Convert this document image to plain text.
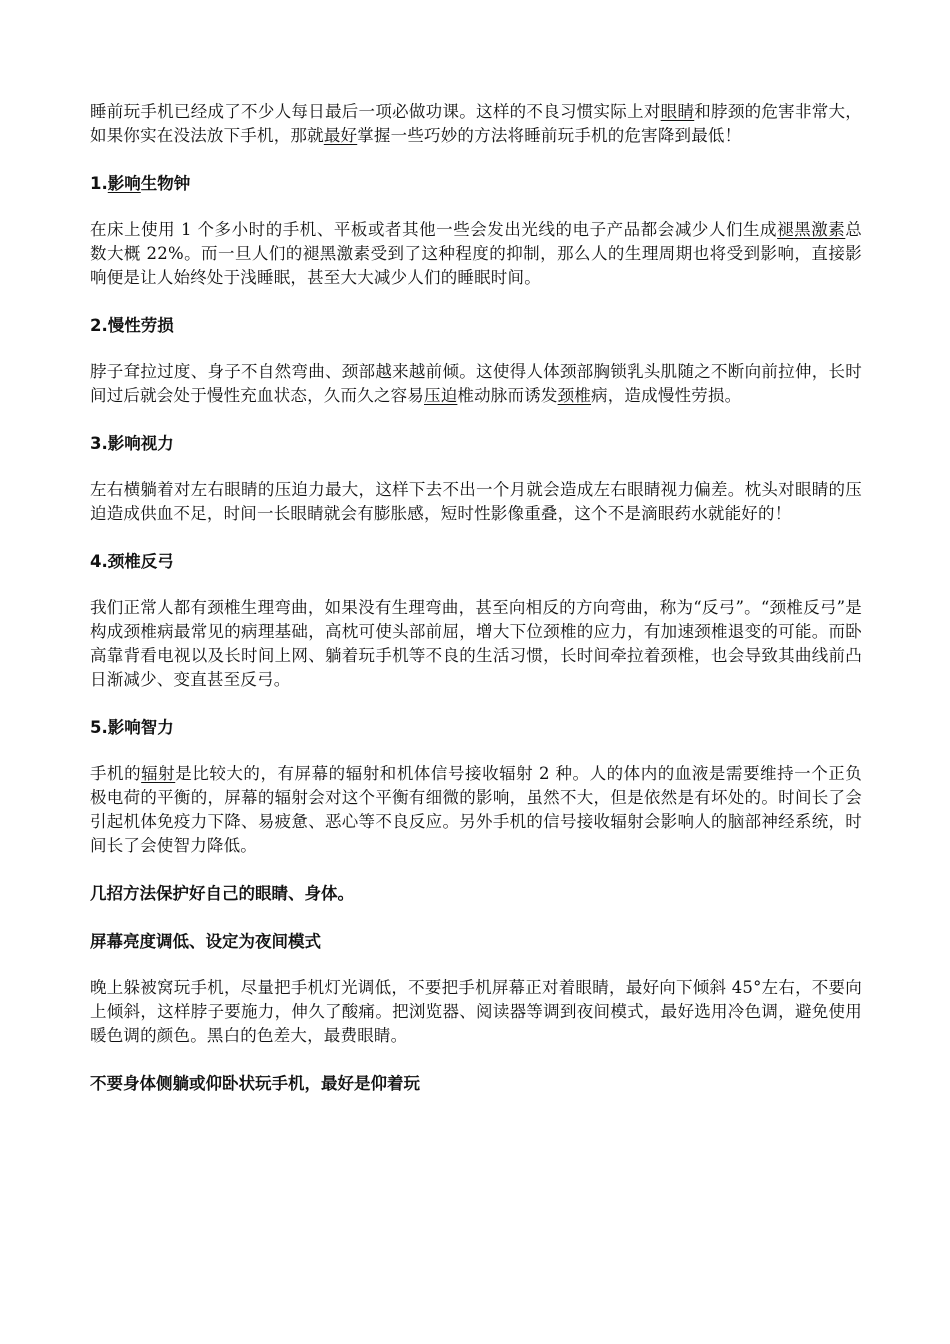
睡前玩手机已经成了不少人每日最后一项必做功课。这样的不良习惯实际上对眼睛和脖颈的危害非常大，如果你实在没法放下手机，那就最好掌握一些巧妙的方法将睡前玩手机的危害降到最低！

1.影响生物钟

在床上使用 1 个多小时的手机、平板或者其他一些会发出光线的电子产品都会减少人们生成褪黑激素总数大概 22%。而一旦人们的褪黑激素受到了这种程度的抑制，那么人的生理周期也将受到影响，直接影响便是让人始终处于浅睡眠，甚至大大减少人们的睡眠时间。

2.慢性劳损

脖子耷拉过度、身子不自然弯曲、颈部越来越前倾。这使得人体颈部胸锁乳头肌随之不断向前拉伸，长时间过后就会处于慢性充血状态，久而久之容易压迫椎动脉而诱发颈椎病，造成慢性劳损。

3.影响视力

左右横躺着对左右眼睛的压迫力最大，这样下去不出一个月就会造成左右眼睛视力偏差。枕头对眼睛的压迫造成供血不足，时间一长眼睛就会有膨胀感，短时性影像重叠，这个不是滴眼药水就能好的！

4.颈椎反弓

我们正常人都有颈椎生理弯曲，如果没有生理弯曲，甚至向相反的方向弯曲，称为“反弓”。“颈椎反弓”是构成颈椎病最常见的病理基础，高枕可使头部前屈，增大下位颈椎的应力，有加速颈椎退变的可能。而卧高靠背看电视以及长时间上网、躺着玩手机等不良的生活习惯，长时间牵拉着颈椎，也会导致其曲线前凸日渐减少、变直甚至反弓。

5.影响智力

手机的辐射是比较大的，有屏幕的辐射和机体信号接收辐射 2 种。人的体内的血液是需要维持一个正负极电荷的平衡的，屏幕的辐射会对这个平衡有细微的影响，虽然不大，但是依然是有坏处的。时间长了会引起机体免疫力下降、易疲惫、恶心等不良反应。另外手机的信号接收辐射会影响人的脑部神经系统，时间长了会使智力降低。

几招方法保护好自己的眼睛、身体。
屏幕亮度调低、设定为夜间模式

晚上躲被窝玩手机，尽量把手机灯光调低，不要把手机屏幕正对着眼睛，最好向下倾斜 45°左右，不要向上倾斜，这样脖子要施力，伸久了酸痛。把浏览器、阅读器等调到夜间模式，最好选用冷色调，避免使用暖色调的颜色。黑白的色差大，最费眼睛。

不要身体侧躺或仰卧状玩手机，最好是仰着玩
